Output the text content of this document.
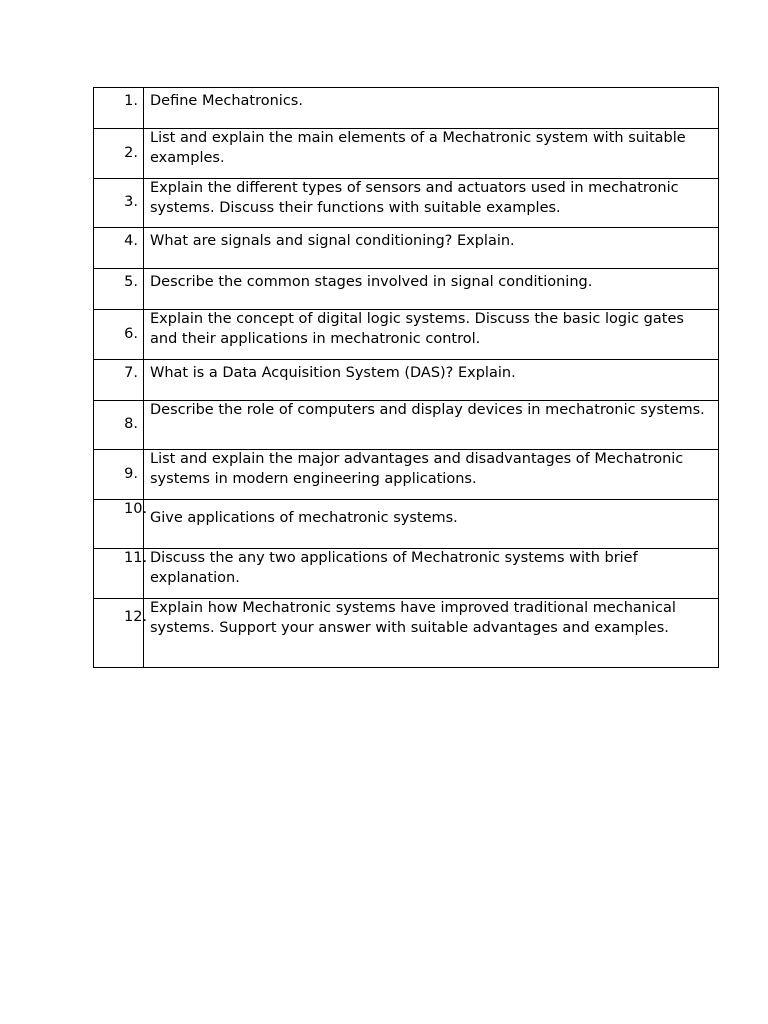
1.	Define Mechatronics.
2.	List and explain the main elements of a Mechatronic system with suitable examples.
3.	Explain the different types of sensors and actuators used in mechatronic systems. Discuss their functions with suitable examples.
4.	What are signals and signal conditioning? Explain.
5.	Describe the common stages involved in signal conditioning.
6.	Explain the concept of digital logic systems. Discuss the basic logic gates and their applications in mechatronic control.
7.	What is a Data Acquisition System (DAS)? Explain.
8.	Describe the role of computers and display devices in mechatronic systems.
9.	List and explain the major advantages and disadvantages of Mechatronic systems in modern engineering applications.

10.	Give applications of mechatronic systems.

11.	Discuss the any two applications of Mechatronic systems with brief explanation.

12.	Explain how Mechatronic systems have improved traditional mechanical systems. Support your answer with suitable advantages and examples.
